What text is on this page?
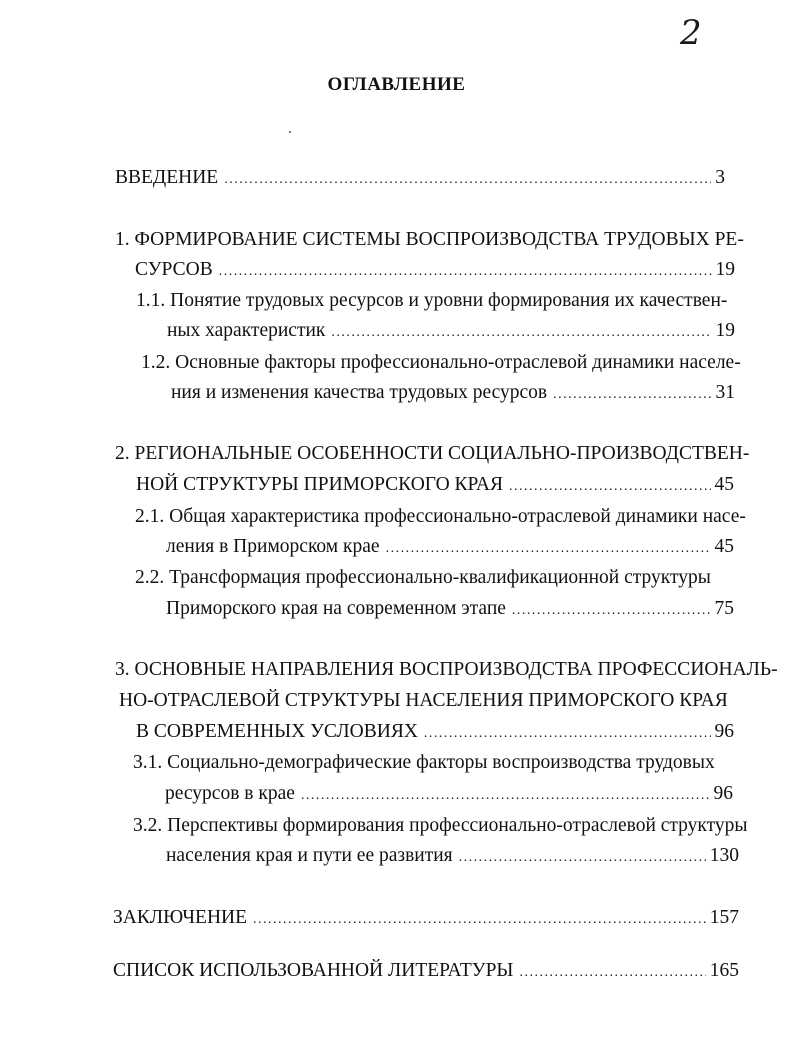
2
ОГЛАВЛЕНИЕ
ВВЕДЕНИЕ .....	3
1. ФОРМИРОВАНИЕ СИСТЕМЫ ВОСПРОИЗВОДСТВА ТРУДОВЫХ РЕ-
СУРСОВ .....	19
1.1. Понятие трудовых ресурсов и уровни формирования их качествен-
ных характеристик .....	19
1.2. Основные факторы профессионально-отраслевой динамики населе-
ния и изменения качества трудовых ресурсов .....	31
2. РЕГИОНАЛЬНЫЕ ОСОБЕННОСТИ СОЦИАЛЬНО-ПРОИЗВОДСТВЕН-
НОЙ СТРУКТУРЫ ПРИМОРСКОГО КРАЯ .....	45
2.1. Общая характеристика профессионально-отраслевой динамики насе-
ления в Приморском крае .....	45
2.2. Трансформация профессионально-квалификационной структуры
Приморского края на современном этапе .....	75
3. ОСНОВНЫЕ НАПРАВЛЕНИЯ ВОСПРОИЗВОДСТВА ПРОФЕССИОНАЛЬ-
НО-ОТРАСЛЕВОЙ СТРУКТУРЫ НАСЕЛЕНИЯ ПРИМОРСКОГО КРАЯ
В СОВРЕМЕННЫХ УСЛОВИЯХ .....	96
3.1. Социально-демографические факторы воспроизводства трудовых
ресурсов в крае .....	96
3.2. Перспективы формирования профессионально-отраслевой структуры
населения края и пути ее развития .....	130
ЗАКЛЮЧЕНИЕ .....	157
СПИСОК ИСПОЛЬЗОВАННОЙ ЛИТЕРАТУРЫ .....	165
